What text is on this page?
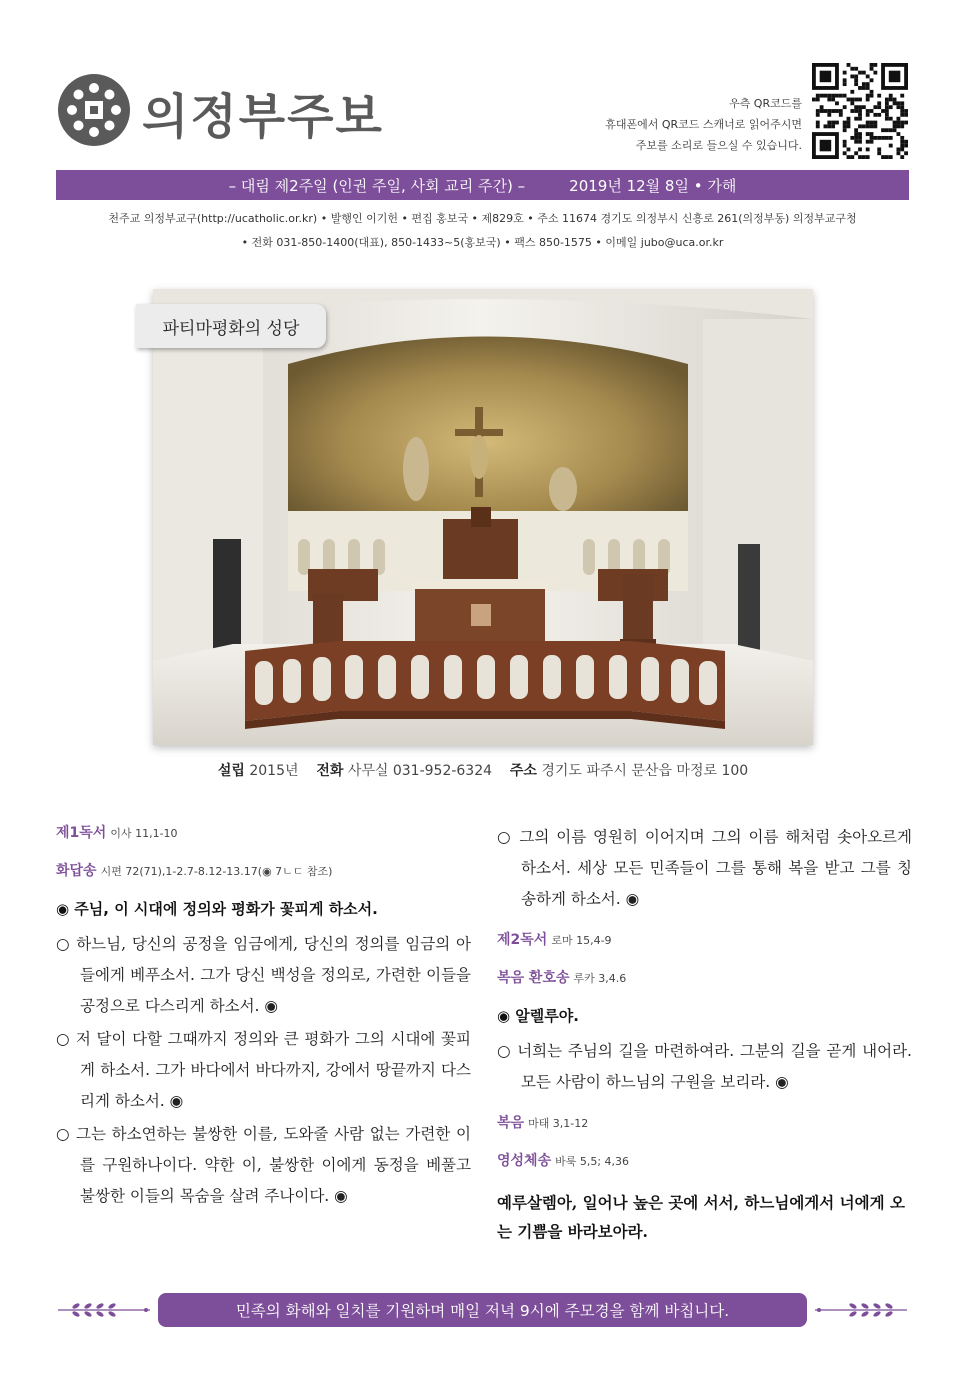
의정부주보	우측 QR코드를
휴대폰에서 QR코드 스캐너로 읽어주시면
주보를 소리로 들으실 수 있습니다.
– 대림 제2주일 (인권 주일, 사회 교리 주간) –	2019년 12월 8일 • 가해
천주교 의정부교구(http://ucatholic.or.kr) • 발행인 이기헌 • 편집 홍보국 • 제829호 • 주소 11674 경기도 의정부시 신흥로 261(의정부동) 의정부교구청
• 전화 031-850-1400(대표), 850-1433~5(홍보국) • 팩스 850-1575 • 이메일 jubo@uca.or.kr
파티마평화의 성당
설립 2015년 전화 사무실 031-952-6324 주소 경기도 파주시 문산읍 마정로 100
제1독서 이사 11,1-10
화답송 시편 72(71),1-2.7-8.12-13.17(◉ 7ㄴㄷ 참조)
◉ 주님, 이 시대에 정의와 평화가 꽃피게 하소서.

○ 하느님, 당신의 공정을 임금에게, 당신의 정의를 임금의 아들에게 베푸소서. 그가 당신 백성을 정의로, 가련한 이들을 공정으로 다스리게 하소서. ◉

○ 저 달이 다할 그때까지 정의와 큰 평화가 그의 시대에 꽃피게 하소서. 그가 바다에서 바다까지, 강에서 땅끝까지 다스리게 하소서. ◉

○ 그는 하소연하는 불쌍한 이를, 도와줄 사람 없는 가련한 이를 구원하나이다. 약한 이, 불쌍한 이에게 동정을 베풀고 불쌍한 이들의 목숨을 살려 주나이다. ◉

○ 그의 이름 영원히 이어지며 그의 이름 해처럼 솟아오르게 하소서. 세상 모든 민족들이 그를 통해 복을 받고 그를 칭송하게 하소서. ◉

제2독서 로마 15,4-9
복음 환호송 루카 3,4.6
◉ 알렐루야.

○ 너희는 주님의 길을 마련하여라. 그분의 길을 곧게 내어라. 모든 사람이 하느님의 구원을 보리라. ◉

복음 마태 3,1-12
영성체송 바룩 5,5; 4,36

예루살렘아, 일어나 높은 곳에 서서, 하느님에게서 너에게 오는 기쁨을 바라보아라.

민족의 화해와 일치를 기원하며 매일 저녁 9시에 주모경을 함께 바칩니다.
